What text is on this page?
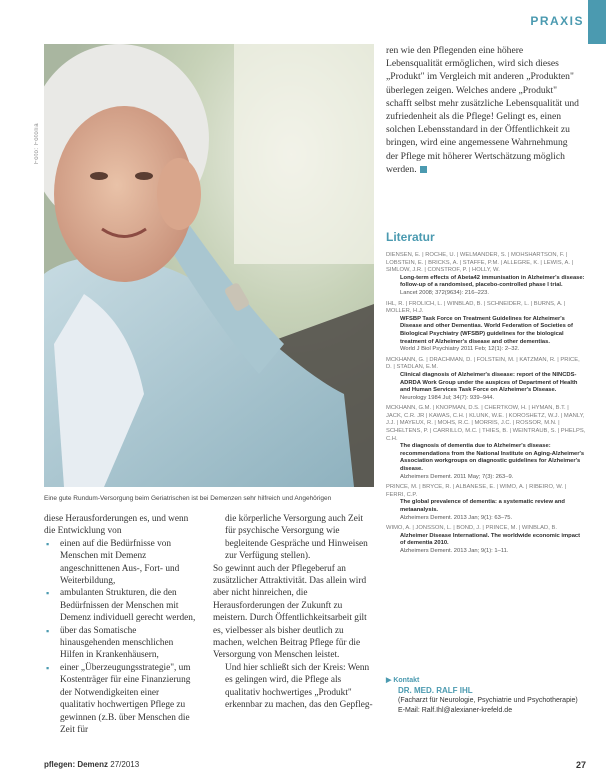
PRAXIS
Foto: Fotolia
Eine gute Rundum-Versorgung beim Geriatrischen ist bei Demenzen sehr hilfreich und Angehörigen
ren wie den Pflegenden eine höhere Lebensqualität ermöglichen, wird sich dieses „Produkt" im Vergleich mit anderen „Produkten" überlegen zeigen. Welches andere „Produkt" schafft selbst mehr zusätzliche Lebensqualität und zufriedenheit als die Pflege! Gelingt es, einen solchen Lebensstandard in der Öffentlichkeit zu bringen, wird eine angemessene Wahrnehmung der Pflege mit höherer Wertschätzung möglich werden.
Literatur
DIENSEN, E. | ROCHE, U. | WELMANDER, S. | MOHSHARTSON, F. | LOBSTEIN, E. | BRICKS, A. | STAFFE, P.M. | ALLEGRE, K. | LEWIS, A. | SIMLOW, J.R. | CONSTROF, P. | HOLLY, W.
Long-term effects of Abeta42 immunisation in Alzheimer's disease: follow-up of a randomised, placebo-controlled phase I trial.
Lancet 2008; 372(9634): 216–223.
IHL, R. | FROLICH, L. | WINBLAD, B. | SCHNEIDER, L. | BURNS, A. | MOLLER, H.J.
WFSBP Task Force on Treatment Guidelines for Alzheimer's Disease and other Dementias. World Federation of Societies of Biological Psychiatry (WFSBP) guidelines for the biological treatment of Alzheimer's disease and other dementias.
World J Biol Psychiatry 2011 Feb; 12(1): 2–32.
MCKHANN, G. | DRACHMAN, D. | FOLSTEIN, M. | KATZMAN, R. | PRICE, D. | STADLAN, E.M.
Clinical diagnosis of Alzheimer's disease: report of the NINCDS-ADRDA Work Group under the auspices of Department of Health and Human Services Task Force on Alzheimer's Disease.
Neurology 1984 Jul; 34(7): 939–944.
MCKHANN, G.M. | KNOPMAN, D.S. | CHERTKOW, H. | HYMAN, B.T. | JACK, C.R. JR | KAWAS, C.H. | KLUNK, W.E. | KOROSHETZ, W.J. | MANLY, J.J. | MAYEUX, R. | MOHS, R.C. | MORRIS, J.C. | ROSSOR, M.N. | SCHELTENS, P. | CARRILLO, M.C. | THIES, B. | WEINTRAUB, S. | PHELPS, C.H.
The diagnosis of dementia due to Alzheimer's disease: recommendations from the National Institute on Aging-Alzheimer's Association workgroups on diagnostic guidelines for Alzheimer's disease.
Alzheimers Dement. 2011 May; 7(3): 263–9.
PRINCE, M. | BRYCE, R. | ALBANESE, E. | WIMO, A. | RIBEIRO, W. | FERRI, C.P.
The global prevalence of dementia: a systematic review and metaanalysis.
Alzheimers Dement. 2013 Jan; 9(1): 63–75.
WIMO, A. | JONSSON, L. | BOND, J. | PRINCE, M. | WINBLAD, B.
Alzheimer Disease International. The worldwide economic impact of dementia 2010.
Alzheimers Dement. 2013 Jan; 9(1): 1–11.
▶ Kontakt
DR. MED. RALF IHL
(Facharzt für Neurologie, Psychiatrie und Psychotherapie)
E-Mail: Ralf.Ihl@alexianer-krefeld.de
diese Herausforderungen es, und wenn die Entwicklung von
▪ einen auf die Bedürfnisse von Menschen mit Demenz angeschnittenen Aus-, Fort- und Weiterbildung,
▪ ambulanten Strukturen, die den Bedürfnissen der Menschen mit Demenz individuell gerecht werden,
▪ über das Somatische hinausgehenden menschlichen Hilfen in Krankenhäusern,
▪ einer „Überzeugungsstrategie", um Kostenträger für eine Finanzierung der Notwendigkeiten einer qualitativ hochwertigen Pflege zu gewinnen (z.B. über Menschen die Zeit für
die körperliche Versorgung auch Zeit für psychische Versorgung wie begleitende Gespräche und Hinweisen zur Verfügung stellen).
So gewinnt auch der Pflegeberuf an zusätzlicher Attraktivität. Das allein wird aber nicht hinreichen, die Herausforderungen der Zukunft zu meistern. Durch Öffentlichkeitsarbeit gilt es, vielbesser als bisher deutlich zu machen, welchen Beitrag Pflege für die Versorgung von Menschen leistet.
Und hier schließt sich der Kreis: Wenn es gelingen wird, die Pflege als qualitativ hochwertiges „Produkt" erkennbar zu machen, das den Gepfleg-
pflegen: Demenz 27/2013	27
